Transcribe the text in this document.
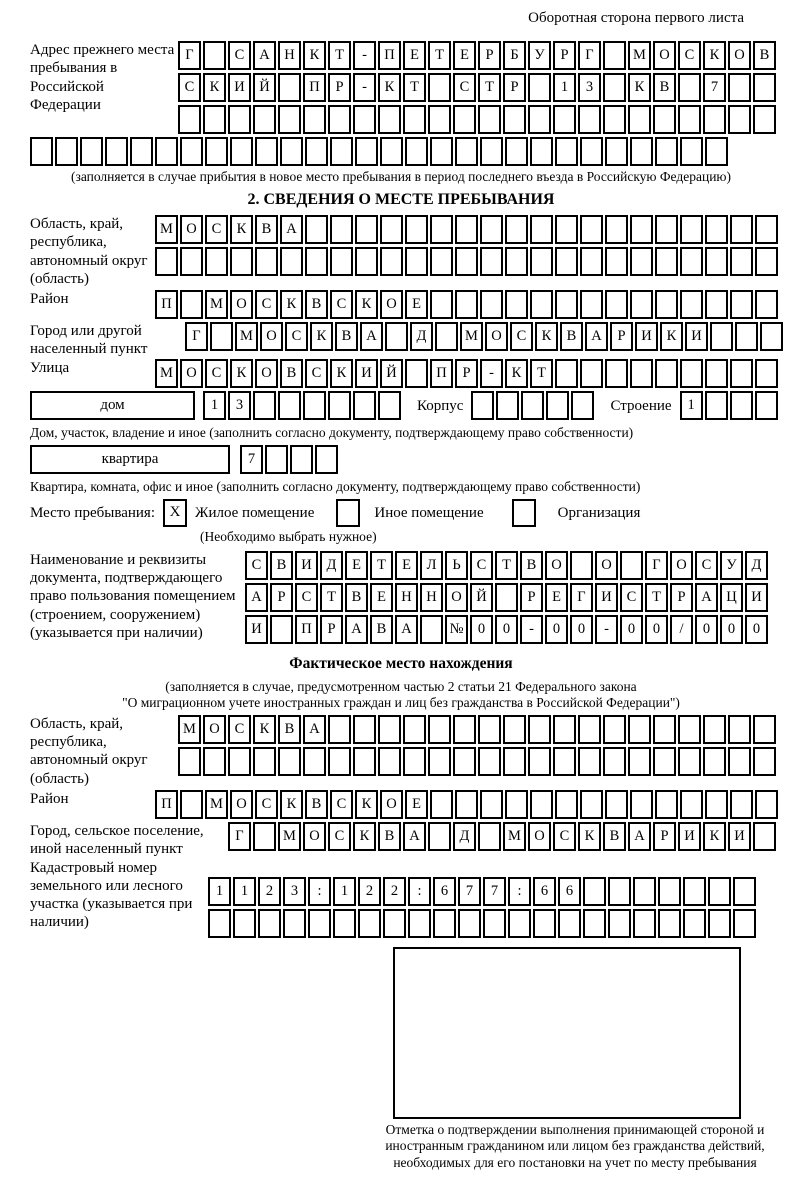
Оборотная сторона первого листа
Адрес прежнего места пребывания в Российской Федерации
Г	С	А	Н	К	Т	-	П	Е	Т	Е	Р	Б	У	Р	Г	М О	С	К	О	В
С	К	И	Й	П	Р	-	К	Т	С	Т	Р	1	3	К	В	7
(заполняется в случае прибытия в новое место пребывания в период последнего въезда в Российскую Федерацию)
2. СВЕДЕНИЯ О МЕСТЕ ПРЕБЫВАНИЯ
Область, край, республика, автономный округ (область)
М О	С	К	В	А
Район	П	М О	С	К	В	С	К	О	Е
Город или другой населенный пункт
Г	М О	С	К	В	А	Д	М О	С	К	В	А	Р	И	К	И
Улица	М О	С	К	О	В	С	К	И	Й	П	Р	-	К	Т
дом	1	3	Корпус	Строение	1
Дом, участок, владение и иное (заполнить согласно документу, подтверждающему право собственности)
квартира	7
Квартира, комната, офис и иное (заполнить согласно документу, подтверждающему право собственности)
Место пребывания: X Жилое помещение	Иное помещение	Организация
(Необходимо выбрать нужное)
Наименование и реквизиты документа, подтверждающего право пользования помещением (строением, сооружением) (указывается при наличии)
С	В	И	Д	Е	Т	Е	Л	Ь	С	Т	В	О	О	Г	О	С	У	Д
А	Р	С	Т	В	Е	Н	Н	О	Й	Р	Е	Г	И	С	Т	Р	А	Ц	И
И	П	Р	А	В	А	№ 0	0	-	0	0	-	0	0	/	0	0	0
Фактическое место нахождения
(заполняется в случае, предусмотренном частью 2 статьи 21 Федерального закона
"О миграционном учете иностранных граждан и лиц без гражданства в Российской Федерации")
Область, край, республика, автономный округ (область)
М О	С	К	В	А
Район	П	М О	С	К	В	С	К	О	Е
Город, сельское поселение, иной населенный пункт
Г	М О	С	К	В	А	Д	М О	С	К	В	А	Р	И	К	И
Кадастровый номер земельного или лесного участка (указывается при наличии)
1	1	2	3	:	1	2	2	:	6	7	7	:	6	6
Отметка о подтверждении выполнения принимающей стороной и иностранным гражданином или лицом без гражданства действий, необходимых для его постановки на учет по месту пребывания
